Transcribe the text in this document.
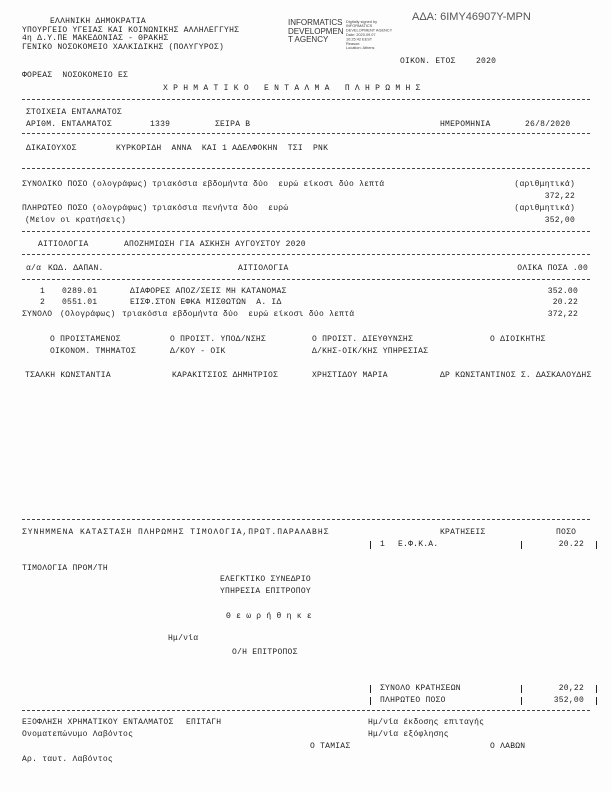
ΑΔΑ: 6ΙΜΥ46907Υ-ΜΡΝ
ΕΛΛΗΝΙΚΗ ΔΗΜΟΚΡΑΤΙΑ
ΥΠΟΥΡΓΕΙΟ ΥΓΕΙΑΣ ΚΑΙ ΚΟΙΝΩΝΙΚΗΣ ΑΛΛΗΛΕΓΓΥΗΣ
4η Δ.Υ.ΠΕ ΜΑΚΕΔΟΝΙΑΣ - ΘΡΑΚΗΣ
ΓΕΝΙΚΟ ΝΟΣΟΚΟΜΕΙΟ ΧΑΛΚΙΔΙΚΗΣ (ΠΟΛΥΓΥΡΟΣ)
INFORMATICS
DEVELOPMEN
T AGENCY
Digitally signed by
INFORMATICS
DEVELOPMENT AGENCY
Date: 2020.09.07
10:25:42 EEST
Reason:
Location: Athens
ΟΙΚΟΝ. ΕΤΟΣ	2020
ΦΟΡΕΑΣ  ΝΟΣΟΚΟΜΕΙΟ ΕΣ
Χ Ρ Η Μ Α Τ Ι Κ Ο   Ε Ν Τ Α Λ Μ Α   Π Λ Η Ρ Ω Μ Η Σ
ΣΤΟΙΧΕΙΑ ΕΝΤΑΛΜΑΤΟΣ
ΑΡΙΘΜ. ΕΝΤΑΛΜΑΤΟΣ	1339	ΣΕΙΡΑ Β	ΗΜΕΡΟΜΗΝΙΑ	26/8/2020
ΔΙΚΑΙΟΥΧΟΣ	ΚΥΡΚΟΡΙΔΗ  ΑΝΝΑ  ΚΑΙ 1 ΑΔΕΛΦΟΚΗΝ  ΤΣΙ  ΡΝΚ
ΣΥΝΟΛΙΚΟ ΠΟΣΟ (ολογράφως) τριακόσια εβδομήντα δύο  ευρώ είκοσι δύο λεπτά	(αριθμητικά)
372,22
ΠΛΗΡΩΤΕΟ ΠΟΣΟ (ολογράφως) τριακόσια πενήντα δύο  ευρώ	(αριθμητικά)
(Μείον οι κρατήσεις)	352,00
ΑΙΤΙΟΛΟΓΙΑ	ΑΠΟΖΗΜΙΩΣΗ ΓΙΑ ΑΣΚΗΣΗ ΑΥΓΟΥΣΤΟΥ 2020
α/α ΚΩΔ. ΔΑΠΑΝ.	ΑΙΤΙΟΛΟΓΙΑ	ΟΛΙΚΑ ΠΟΣΑ .00
1 0289.01	ΔΙΑΦΟΡΕΣ ΑΠΟΖ/ΣΕΙΣ ΜΗ ΚΑΤΑΝΟΜΑΣ	352.00
2 0551.01	ΕΙΣΦ.ΣΤΟΝ ΕΦΚΑ ΜΙΣΘΩΤΩΝ  Α. ΙΔ	20.22
ΣΥΝΟΛΟ (Ολογράφως) τριακόσια εβδομήντα δύο  ευρώ είκοσι δύο λεπτά	372,22
Ο ΠΡΟΙΣΤΑΜΕΝΟΣ
ΟΙΚΟΝΟΜ. ΤΜΗΜΑΤΟΣ
ΤΣΑΛΚΗ ΚΩΝΣΤΑΝΤΙΑ
Ο ΠΡΟΙΣΤ. ΥΠΟΔ/ΝΣΗΣ
Δ/ΚΟΥ - ΟΙΚ
ΚΑΡΑΚΙΤΣΙΟΣ ΔΗΜΗΤΡΙΟΣ
Ο ΠΡΟΙΣΤ. ΔΙΕΥΘΥΝΣΗΣ
Δ/ΚΗΣ-ΟΙΚ/ΚΗΣ ΥΠΗΡΕΣΙΑΣ
ΧΡΗΣΤΙΔΟΥ ΜΑΡΙΑ
Ο ΔΙΟΙΚΗΤΗΣ
ΔΡ ΚΩΝΣΤΑΝΤΙΝΟΣ Σ. ΔΑΣΚΑΛΟΥΔΗΣ
ΣΥΝΗΜΜΕΝΑ ΚΑΤΑΣΤΑΣΗ ΠΛΗΡΩΜΗΣ ΤΙΜΟΛΟΓΙΑ,ΠΡΩΤ.ΠΑΡΑΛΑΒΗΣ	ΚΡΑΤΗΣΕΙΣ	ΠΟΣΟ
1 Ε.Φ.Κ.Α.	20.22
ΤΙΜΟΛΟΓΙΑ ΠΡΟΜ/ΤΗ
ΕΛΕΓΚΤΙΚΟ ΣΥΝΕΔΡΙΟ
ΥΠΗΡΕΣΙΑ ΕΠΙΤΡΟΠΟΥ
Θ ε ω ρ ή θ η κ ε
Ημ/νία
Ο/Η ΕΠΙΤΡΟΠΟΣ
ΣΥΝΟΛΟ ΚΡΑΤΗΣΕΩΝ	20,22
ΠΛΗΡΩΤΕΟ ΠΟΣΟ	352,00
ΕΞΟΦΛΗΣΗ ΧΡΗΜΑΤΙΚΟΥ ΕΝΤΑΛΜΑΤΟΣ ΕΠΙΤΑΓΗ	Ημ/νία έκδοσης επιταγής
Ονοματεπώνυμο Λαβόντος	Ημ/νία εξόφλησης
Ο ΤΑΜΙΑΣ	Ο ΛΑΒΩΝ
Αρ. ταυτ. Λαβόντος
